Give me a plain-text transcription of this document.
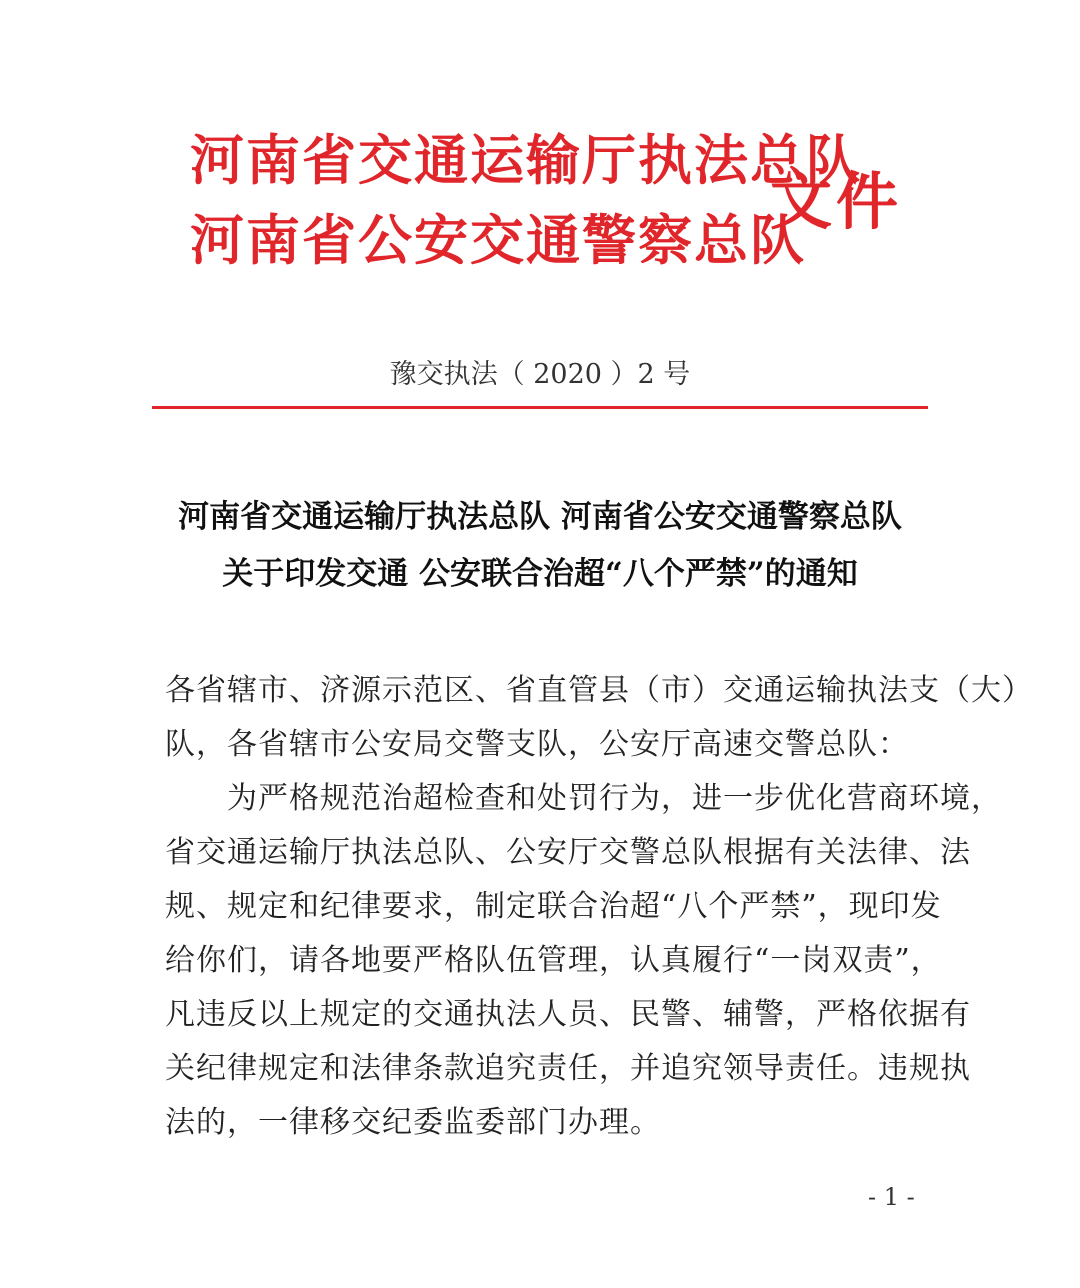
河南省交通运输厅执法总队
河南省公安交通警察总队
文件
豫交执法（ 2020 ）2 号
河南省交通运输厅执法总队 河南省公安交通警察总队
关于印发交通 公安联合治超“八个严禁”的通知
各省辖市、济源示范区、省直管县（市）交通运输执法支（大）
队，各省辖市公安局交警支队，公安厅高速交警总队：
为严格规范治超检查和处罚行为，进一步优化营商环境，
省交通运输厅执法总队、公安厅交警总队根据有关法律、法
规、规定和纪律要求，制定联合治超“八个严禁”，现印发
给你们，请各地要严格队伍管理，认真履行“一岗双责”，
凡违反以上规定的交通执法人员、民警、辅警，严格依据有
关纪律规定和法律条款追究责任，并追究领导责任。违规执
法的，一律移交纪委监委部门办理。
- 1 -
